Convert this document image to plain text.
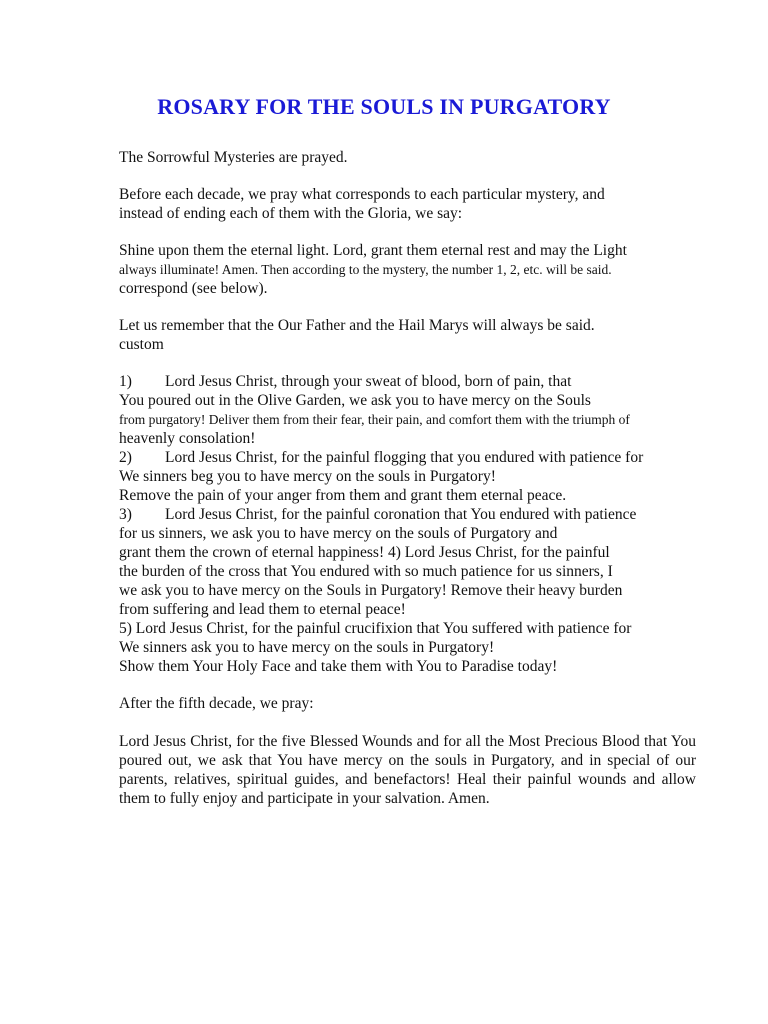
ROSARY FOR THE SOULS IN PURGATORY
The Sorrowful Mysteries are prayed.
Before each decade, we pray what corresponds to each particular mystery, and
instead of ending each of them with the Gloria, we say:
Shine upon them the eternal light. Lord, grant them eternal rest and may the Light
always illuminate! Amen. Then according to the mystery, the number 1, 2, etc. will be said.
correspond (see below).
Let us remember that the Our Father and the Hail Marys will always be said.
custom
1) Lord Jesus Christ, through your sweat of blood, born of pain, that
You poured out in the Olive Garden, we ask you to have mercy on the Souls
from purgatory! Deliver them from their fear, their pain, and comfort them with the triumph of
heavenly consolation!
2) Lord Jesus Christ, for the painful flogging that you endured with patience for
We sinners beg you to have mercy on the souls in Purgatory!
Remove the pain of your anger from them and grant them eternal peace.
3) Lord Jesus Christ, for the painful coronation that You endured with patience
for us sinners, we ask you to have mercy on the souls of Purgatory and
grant them the crown of eternal happiness! 4) Lord Jesus Christ, for the painful
the burden of the cross that You endured with so much patience for us sinners, I
we ask you to have mercy on the Souls in Purgatory! Remove their heavy burden
from suffering and lead them to eternal peace!
5) Lord Jesus Christ, for the painful crucifixion that You suffered with patience for
We sinners ask you to have mercy on the souls in Purgatory!
Show them Your Holy Face and take them with You to Paradise today!
After the fifth decade, we pray:

Lord Jesus Christ, for the five Blessed Wounds and for all the Most Precious Blood that You poured out, we ask that You have mercy on the souls in Purgatory, and in special of our parents, relatives, spiritual guides, and benefactors! Heal their painful wounds and allow them to fully enjoy and participate in your salvation. Amen.
